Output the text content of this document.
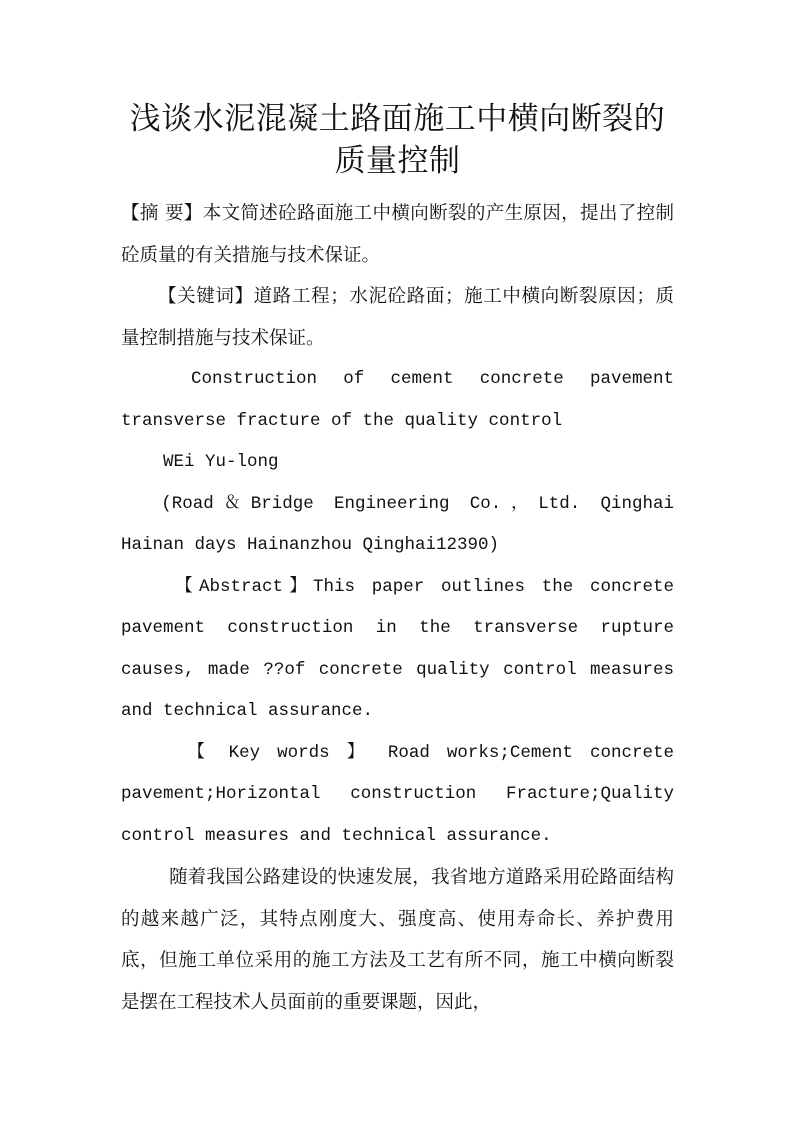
浅谈水泥混凝土路面施工中横向断裂的
质量控制

【摘 要】本文简述砼路面施工中横向断裂的产生原因，提出了控制砼质量的有关措施与技术保证。

【关键词】道路工程；水泥砼路面；施工中横向断裂原因；质量控制措施与技术保证。

Construction of cement concrete pavement transverse fracture of the quality control

WEi Yu-long

(Road＆Bridge Engineering Co.，Ltd. Qinghai Hainan days Hainanzhou Qinghai12390)

【Abstract】This paper outlines the concrete pavement construction in the transverse rupture causes, made ??of concrete quality control measures and technical assurance.

【 Key words 】 Road works;Cement concrete pavement;Horizontal construction Fracture;Quality control measures and technical assurance.

随着我国公路建设的快速发展，我省地方道路采用砼路面结构的越来越广泛，其特点刚度大、强度高、使用寿命长、养护费用底，但施工单位采用的施工方法及工艺有所不同，施工中横向断裂是摆在工程技术人员面前的重要课题，因此，
